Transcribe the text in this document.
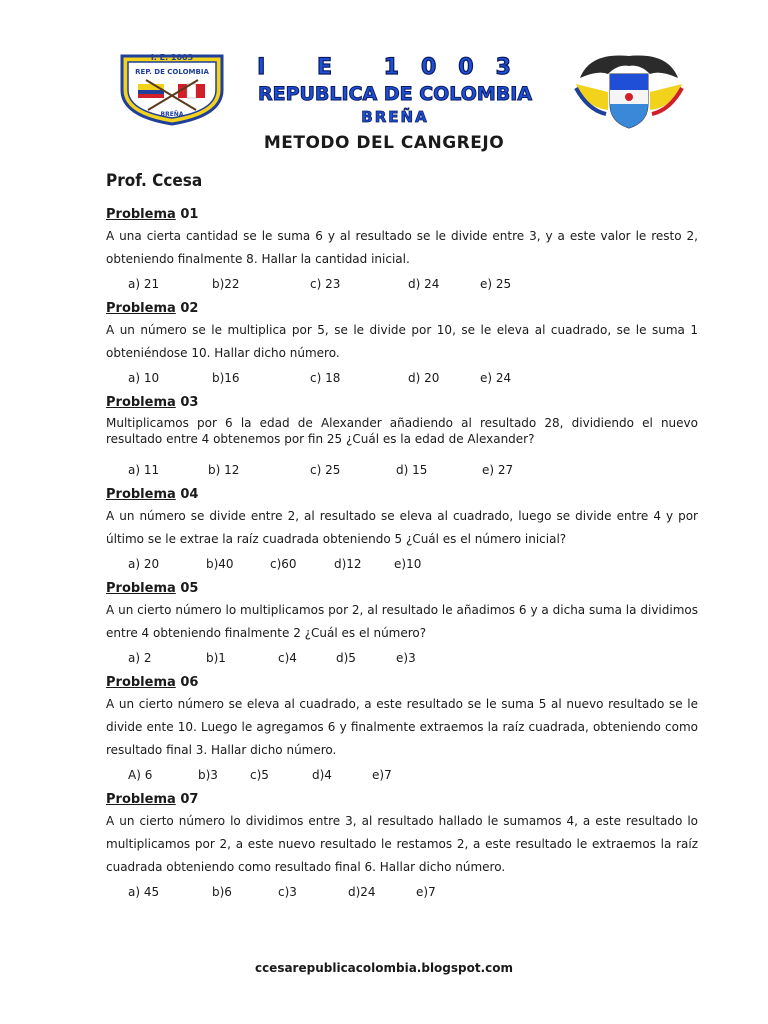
I. E. 1003
REP. DE COLOMBIA
BREÑA
I E 1003
REPUBLICA DE COLOMBIA
BREÑA
METODO DEL CANGREJO
Prof. Ccesa
Problema 01
A una cierta cantidad se le suma 6 y al resultado se le divide entre 3, y a este valor le resto 2, obteniendo finalmente 8. Hallar la cantidad inicial.
a) 21	b)22	c) 23	d) 24	e) 25
Problema 02
A un número se le multiplica por 5, se le divide por 10, se le eleva al cuadrado, se le suma 1 obteniéndose 10. Hallar dicho número.
a) 10	b)16	c) 18	d) 20	e) 24
Problema 03
Multiplicamos por 6 la edad de Alexander añadiendo al resultado 28, dividiendo el nuevo resultado entre 4 obtenemos por fin 25 ¿Cuál es la edad de Alexander?
a) 11	b) 12	c) 25	d) 15	e) 27
Problema 04
A un número se divide entre 2, al resultado se eleva al cuadrado, luego se divide entre 4 y por último se le extrae la raíz cuadrada obteniendo 5 ¿Cuál es el número inicial?
a) 20	b)40	c)60	d)12	e)10
Problema 05
A un cierto número lo multiplicamos por 2, al resultado le añadimos 6 y a dicha suma la dividimos entre 4 obteniendo finalmente 2 ¿Cuál es el número?
a) 2	b)1	c)4	d)5	e)3
Problema 06
A un cierto número se eleva al cuadrado, a este resultado se le suma 5 al nuevo resultado se le divide ente 10. Luego le agregamos 6 y finalmente extraemos la raíz cuadrada, obteniendo como resultado final 3. Hallar dicho número.
A) 6	b)3	c)5	d)4	e)7
Problema 07
A un cierto número lo dividimos entre 3, al resultado hallado le sumamos 4, a este resultado lo multiplicamos por 2, a este nuevo resultado le restamos 2, a este resultado le extraemos la raíz cuadrada obteniendo como resultado final 6. Hallar dicho número.
a) 45	b)6	c)3	d)24	e)7
ccesarepublicacolombia.blogspot.com
